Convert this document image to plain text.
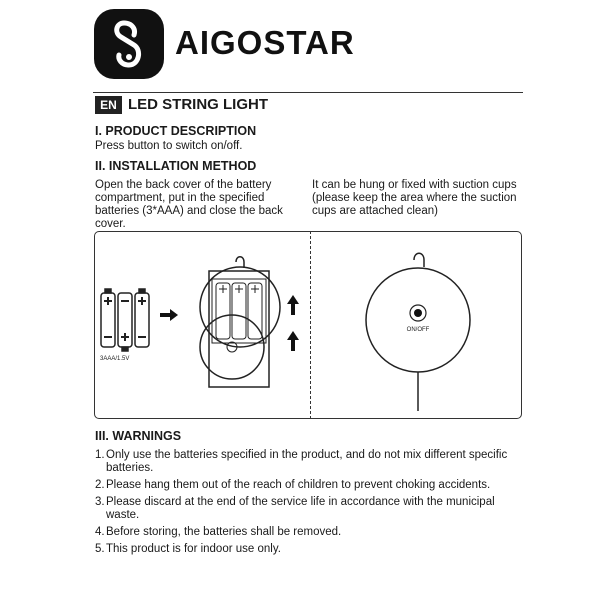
AIGOSTAR
EN LED STRING LIGHT
I. PRODUCT DESCRIPTION
Press button to switch on/off.
II. INSTALLATION METHOD
Open the back cover of the battery
compartment, put in the specified
batteries (3*AAA) and close the back cover.
It can be hung or fixed with suction cups
(please keep the area where the suction
cups are attached clean)
3AAA/1.5V
ON/OFF
III. WARNINGS
1. Only use the batteries specified in the product, and do not mix different specific
batteries.
2. Please hang them out of the reach of children to prevent choking accidents.
3. Please discard at the end of the service life in accordance with the municipal
waste.
4. Before storing, the batteries shall be removed.
5. This product is for indoor use only.
